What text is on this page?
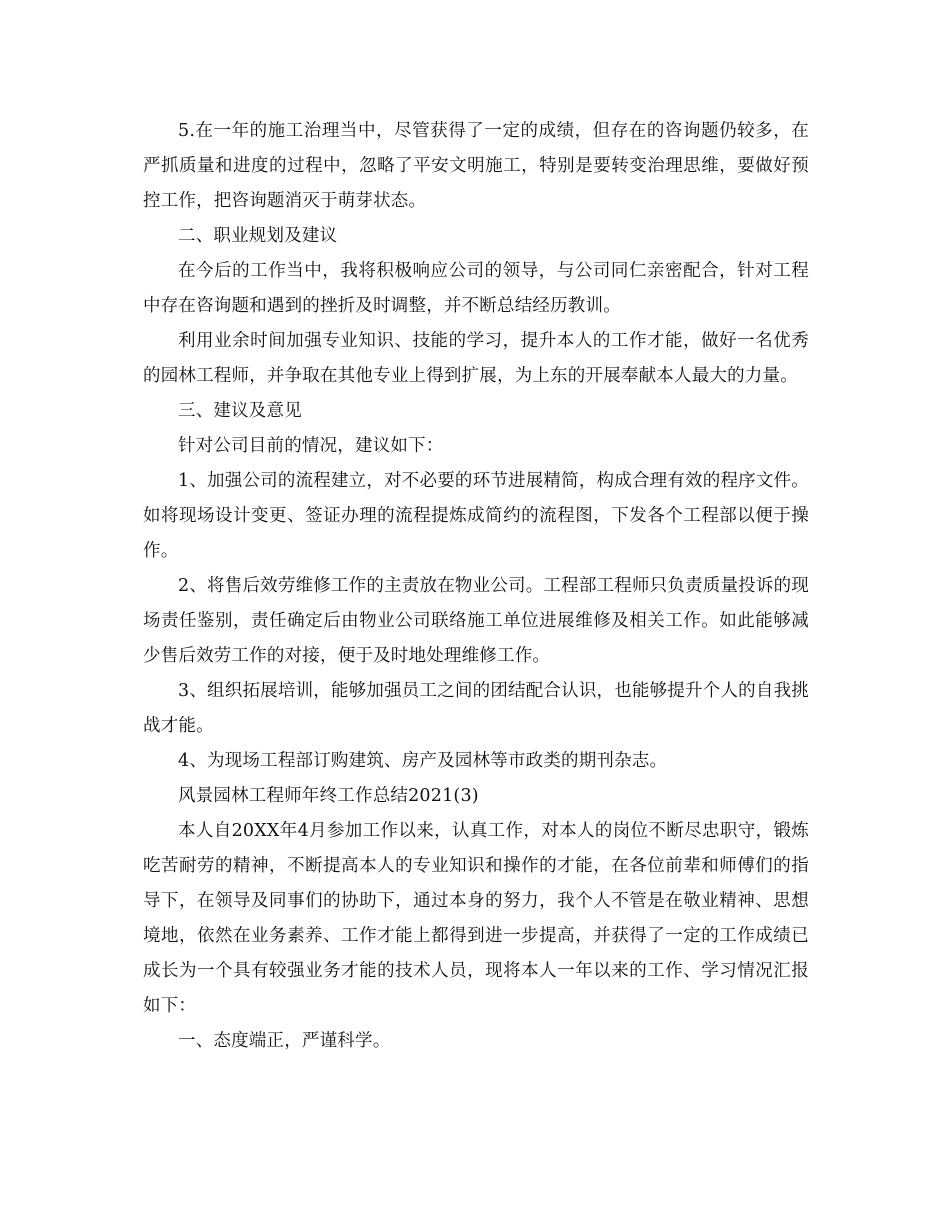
5.在一年的施工治理当中，尽管获得了一定的成绩，但存在的咨询题仍较多，在严抓质量和进度的过程中，忽略了平安文明施工，特别是要转变治理思维，要做好预控工作，把咨询题消灭于萌芽状态。

二、职业规划及建议

在今后的工作当中，我将积极响应公司的领导，与公司同仁亲密配合，针对工程中存在咨询题和遇到的挫折及时调整，并不断总结经历教训。

利用业余时间加强专业知识、技能的学习，提升本人的工作才能，做好一名优秀的园林工程师，并争取在其他专业上得到扩展，为上东的开展奉献本人最大的力量。

三、建议及意见

针对公司目前的情况，建议如下：

1、加强公司的流程建立，对不必要的环节进展精简，构成合理有效的程序文件。如将现场设计变更、签证办理的流程提炼成简约的流程图，下发各个工程部以便于操作。

2、将售后效劳维修工作的主责放在物业公司。工程部工程师只负责质量投诉的现场责任鉴别，责任确定后由物业公司联络施工单位进展维修及相关工作。如此能够减少售后效劳工作的对接，便于及时地处理维修工作。

3、组织拓展培训，能够加强员工之间的团结配合认识，也能够提升个人的自我挑战才能。

4、为现场工程部订购建筑、房产及园林等市政类的期刊杂志。

风景园林工程师年终工作总结2021(3)

本人自20XX年4月参加工作以来，认真工作，对本人的岗位不断尽忠职守，锻炼吃苦耐劳的精神，不断提高本人的专业知识和操作的才能，在各位前辈和师傅们的指导下，在领导及同事们的协助下，通过本身的努力，我个人不管是在敬业精神、思想境地，依然在业务素养、工作才能上都得到进一步提高，并获得了一定的工作成绩已成长为一个具有较强业务才能的技术人员，现将本人一年以来的工作、学习情况汇报如下：

一、态度端正，严谨科学。
